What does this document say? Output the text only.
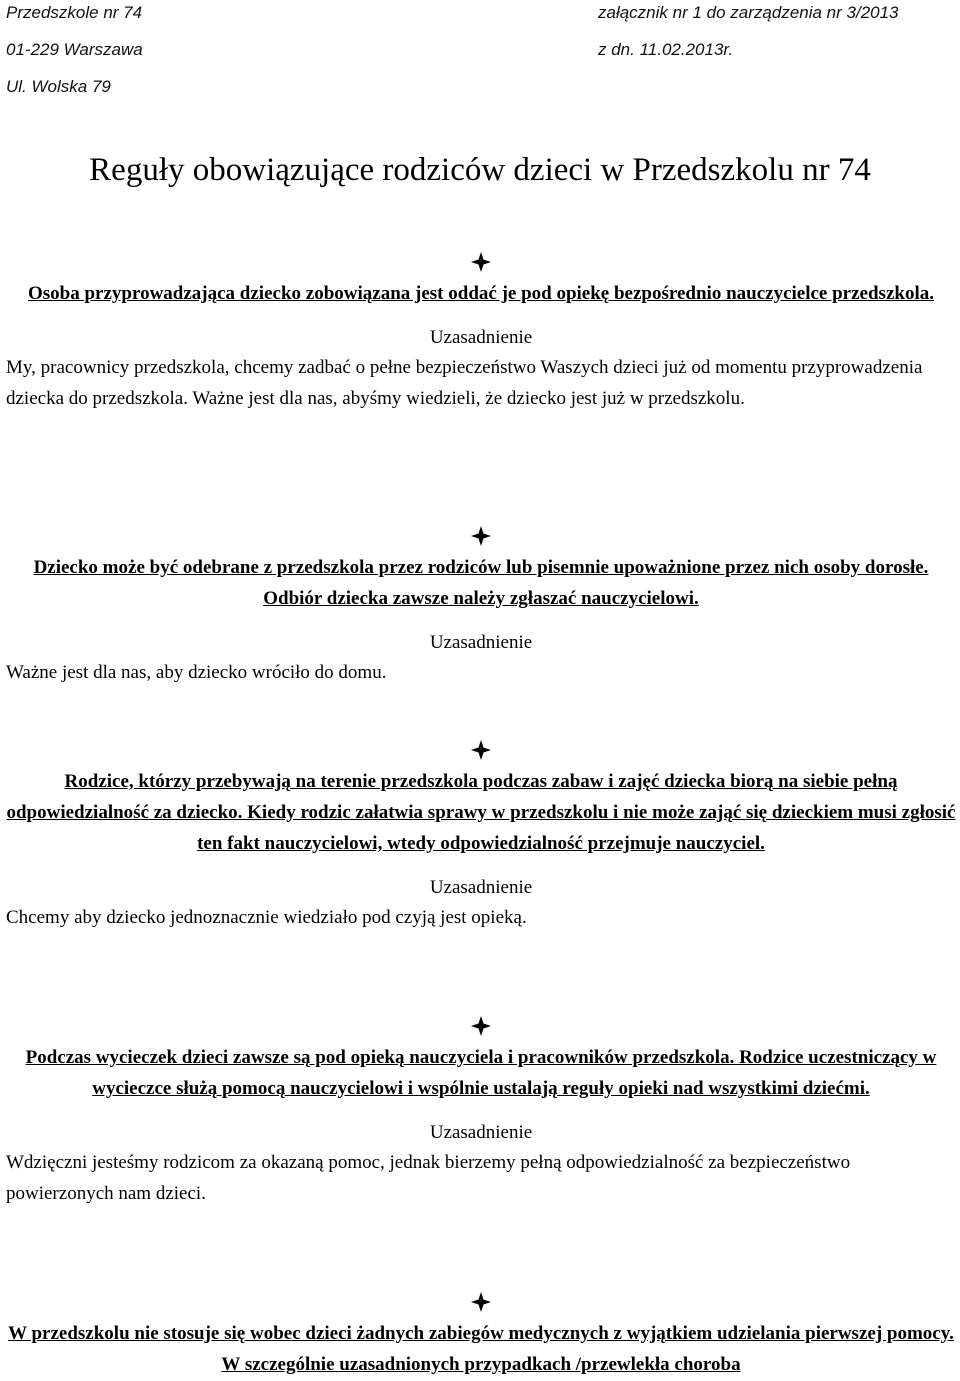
Przedszkole nr 74
01-229 Warszawa
Ul. Wolska 79
załącznik nr 1 do zarządzenia nr 3/2013
z dn. 11.02.2013r.
Reguły obowiązujące rodziców dzieci w Przedszkolu nr 74

Osoba przyprowadzająca dziecko zobowiązana jest oddać je pod opiekę bezpośrednio nauczycielce przedszkola.

Uzasadnienie

My, pracownicy przedszkola, chcemy zadbać o pełne bezpieczeństwo Waszych dzieci już od momentu przyprowadzenia dziecka do przedszkola. Ważne jest dla nas, abyśmy wiedzieli, że dziecko jest już w przedszkolu.

Dziecko może być odebrane z przedszkola przez rodziców lub pisemnie upoważnione przez nich osoby dorosłe. Odbiór dziecka zawsze należy zgłaszać nauczycielowi.

Uzasadnienie

Ważne jest dla nas, aby dziecko wróciło do domu.

Rodzice, którzy przebywają na terenie przedszkola podczas zabaw i zajęć dziecka biorą na siebie pełną odpowiedzialność za dziecko. Kiedy rodzic załatwia sprawy w przedszkolu i nie może zająć się dzieckiem musi zgłosić ten fakt nauczycielowi, wtedy odpowiedzialność przejmuje nauczyciel.

Uzasadnienie

Chcemy aby dziecko jednoznacznie wiedziało pod czyją jest opieką.

Podczas wycieczek dzieci zawsze są pod opieką nauczyciela i pracowników przedszkola. Rodzice uczestniczący w wycieczce służą pomocą nauczycielowi i wspólnie ustalają reguły opieki nad wszystkimi dziećmi.

Uzasadnienie

Wdzięczni jesteśmy rodzicom za okazaną pomoc, jednak bierzemy pełną odpowiedzialność za bezpieczeństwo powierzonych nam dzieci.

W przedszkolu nie stosuje się wobec dzieci żadnych zabiegów medycznych z wyjątkiem udzielania pierwszej pomocy. W szczególnie uzasadnionych przypadkach /przewlekła choroba
